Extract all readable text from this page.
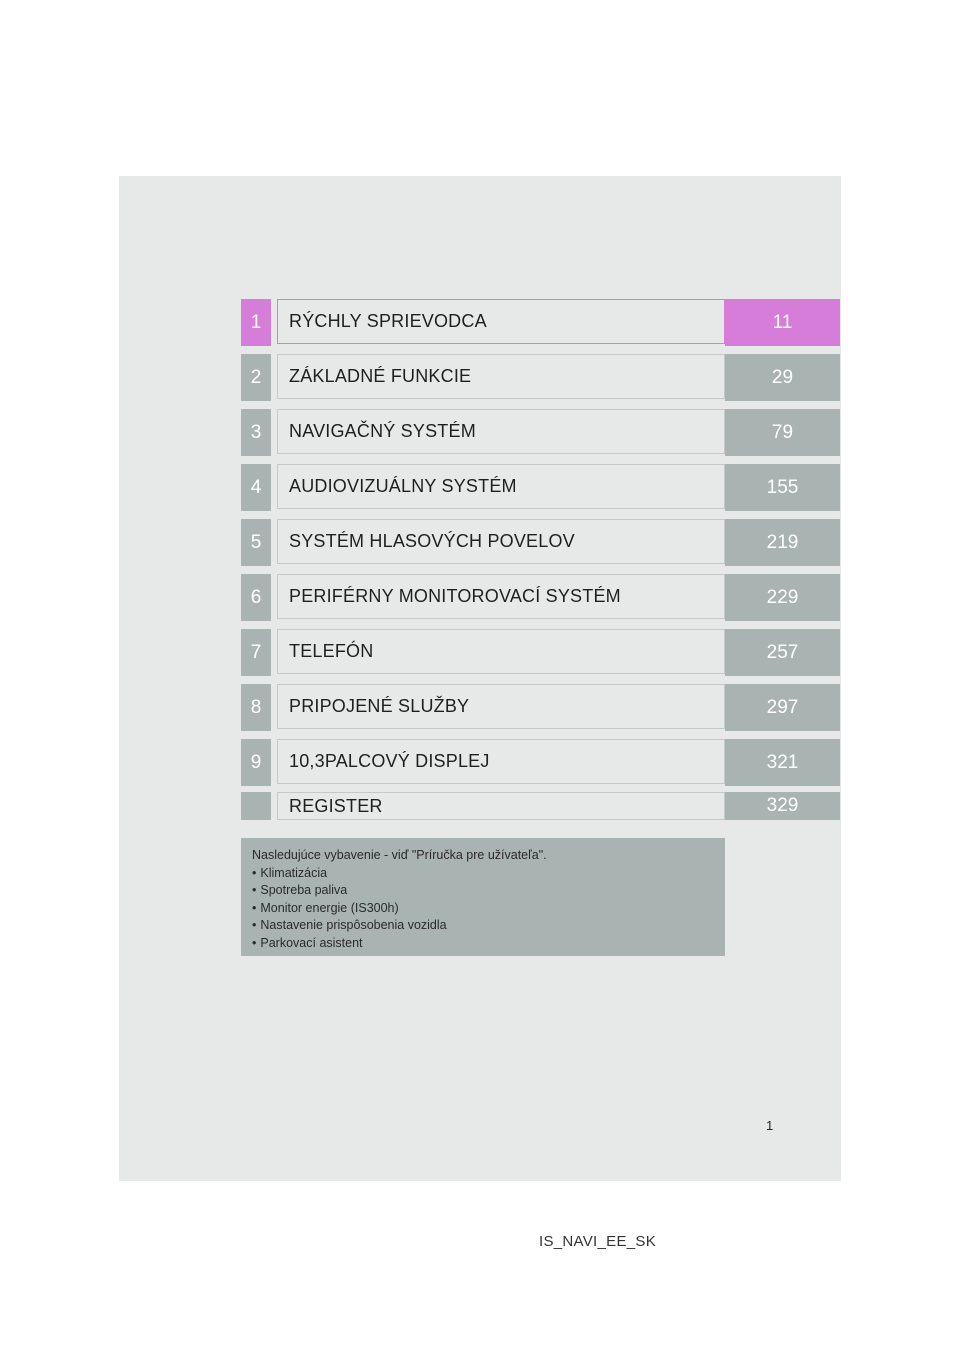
1	RÝCHLY SPRIEVODCA	11
2	ZÁKLADNÉ FUNKCIE	29
3	NAVIGAČNÝ SYSTÉM	79
4	AUDIOVIZUÁLNY SYSTÉM	155
5	SYSTÉM HLASOVÝCH POVELOV	219
6	PERIFÉRNY MONITOROVACÍ SYSTÉM	229
7	TELEFÓN	257
8	PRIPOJENÉ SLUŽBY	297
9	10,3PALCOVÝ DISPLEJ	321
REGISTER	329
Nasledujúce vybavenie - viď "Príručka pre užívateľa".
• Klimatizácia
• Spotreba paliva
• Monitor energie (IS300h)
• Nastavenie prispôsobenia vozidla
• Parkovací asistent
1
IS_NAVI_EE_SK
